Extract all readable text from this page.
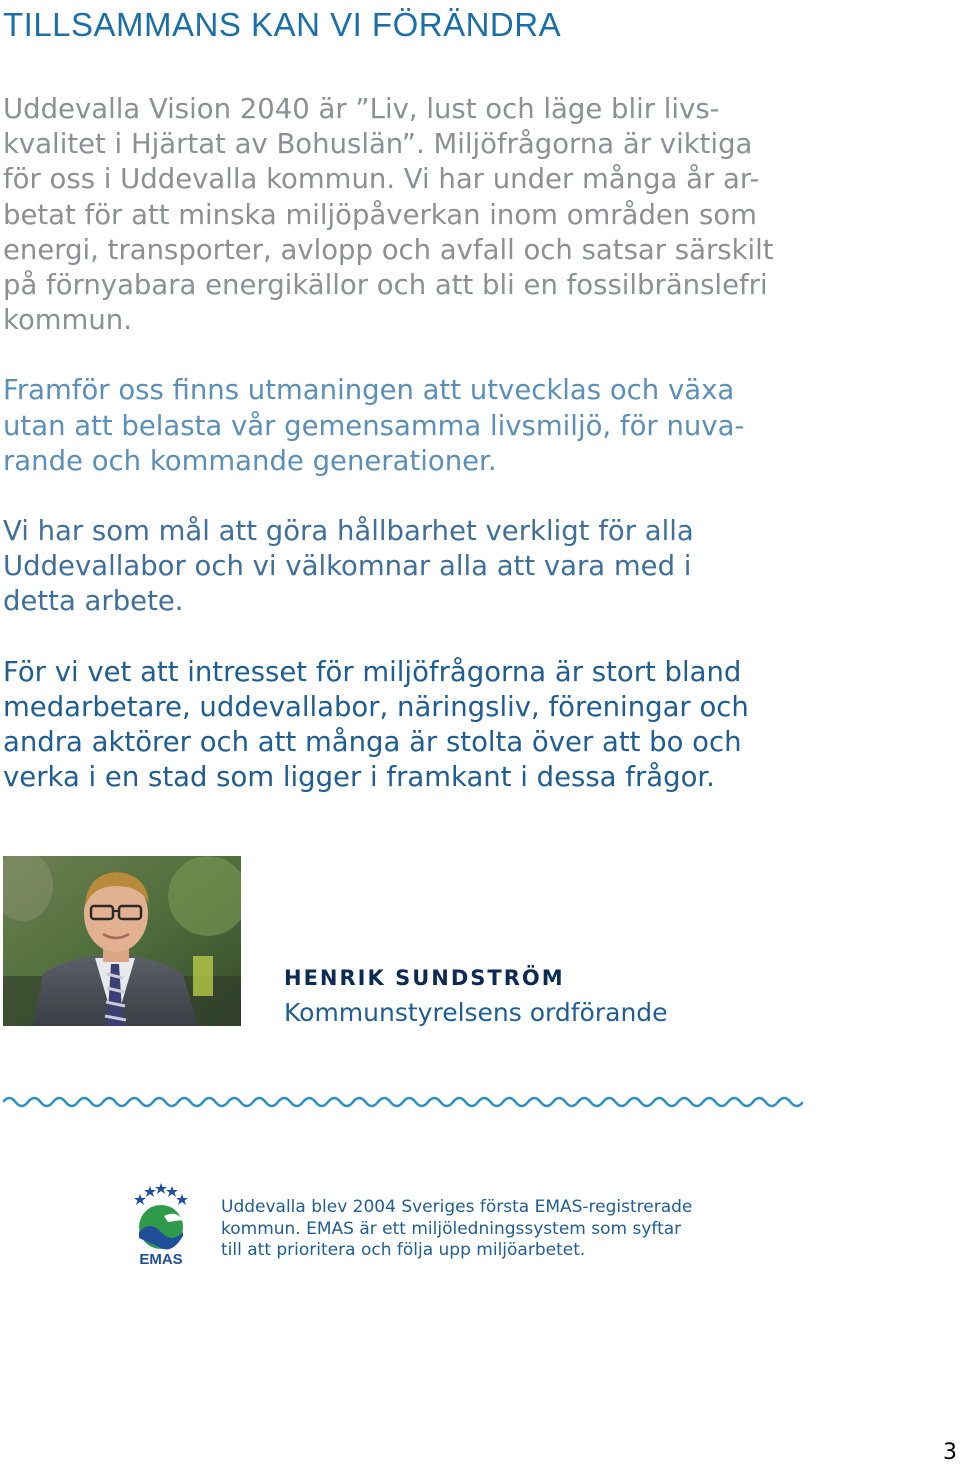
TILLSAMMANS KAN VI FÖRÄNDRA

Uddevalla Vision 2040 är ”Liv, lust och läge blir livs-
kvalitet i Hjärtat av Bohuslän”. Miljöfrågorna är viktiga
för oss i Uddevalla kommun. Vi har under många år ar-
betat för att minska miljöpåverkan inom områden som
energi, transporter, avlopp och avfall och satsar särskilt
på förnyabara energikällor och att bli en fossilbränslefri
kommun.

Framför oss finns utmaningen att utvecklas och växa
utan att belasta vår gemensamma livsmiljö, för nuva-
rande och kommande generationer.

Vi har som mål att göra hållbarhet verkligt för alla
Uddevallabor och vi välkomnar alla att vara med i
detta arbete.

För vi vet att intresset för miljöfrågorna är stort bland
medarbetare, uddevallabor, näringsliv, föreningar och
andra aktörer och att många är stolta över att bo och
verka i en stad som ligger i framkant i dessa frågor.

HENRIK SUNDSTRÖM

Kommunstyrelsens ordförande

EMAS

Uddevalla blev 2004 Sveriges första EMAS-registrerade
kommun. EMAS är ett miljöledningssystem som syftar
till att prioritera och följa upp miljöarbetet.

3
